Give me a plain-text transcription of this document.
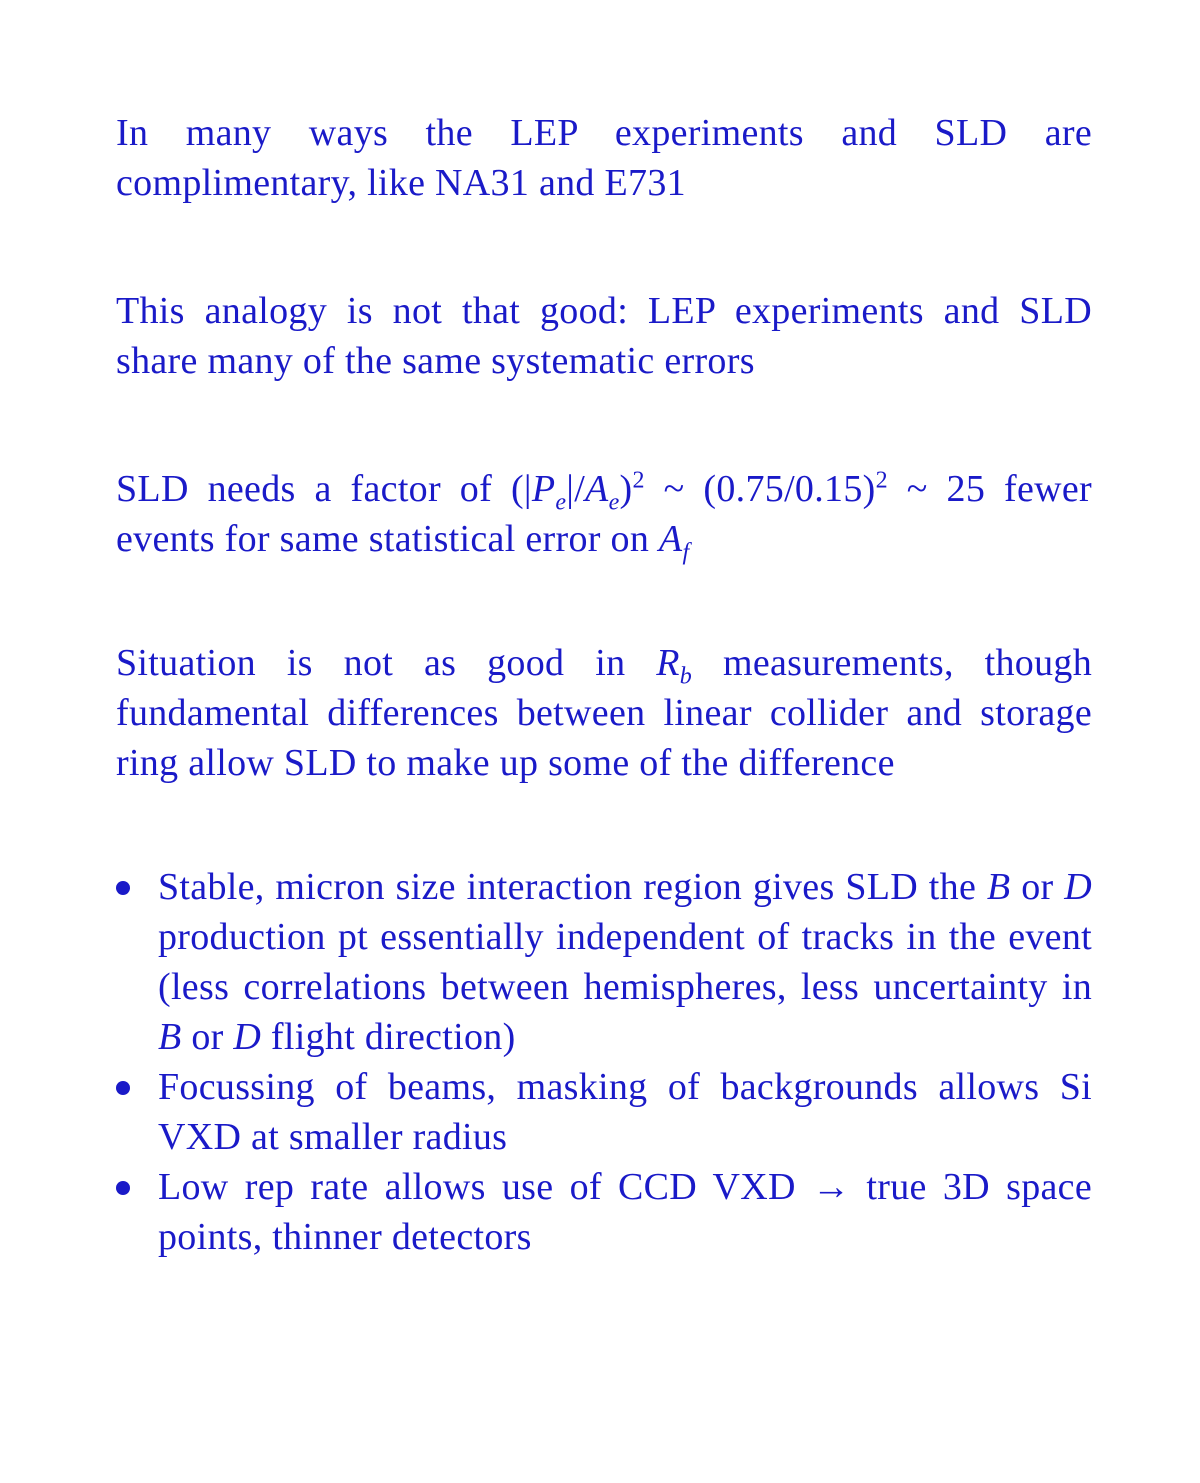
In many ways the LEP experiments and SLD are complimentary, like NA31 and E731

This analogy is not that good: LEP experiments and SLD share many of the same systematic errors

SLD needs a factor of $(|P_e|/A_e)^2$ ~ $(0.75/0.15)^2$ ~ 25 fewer events for same statistical error on $A_f$

Situation is not as good in $R_b$ measurements, though fundamental differences between linear collider and storage ring allow SLD to make up some of the difference

Stable, micron size interaction region gives SLD the B or D production pt essentially independent of tracks in the event (less correlations between hemispheres, less uncertainty in B or D flight direction)
Focussing of beams, masking of backgrounds allows Si VXD at smaller radius
Low rep rate allows use of CCD VXD → true 3D space points, thinner detectors
